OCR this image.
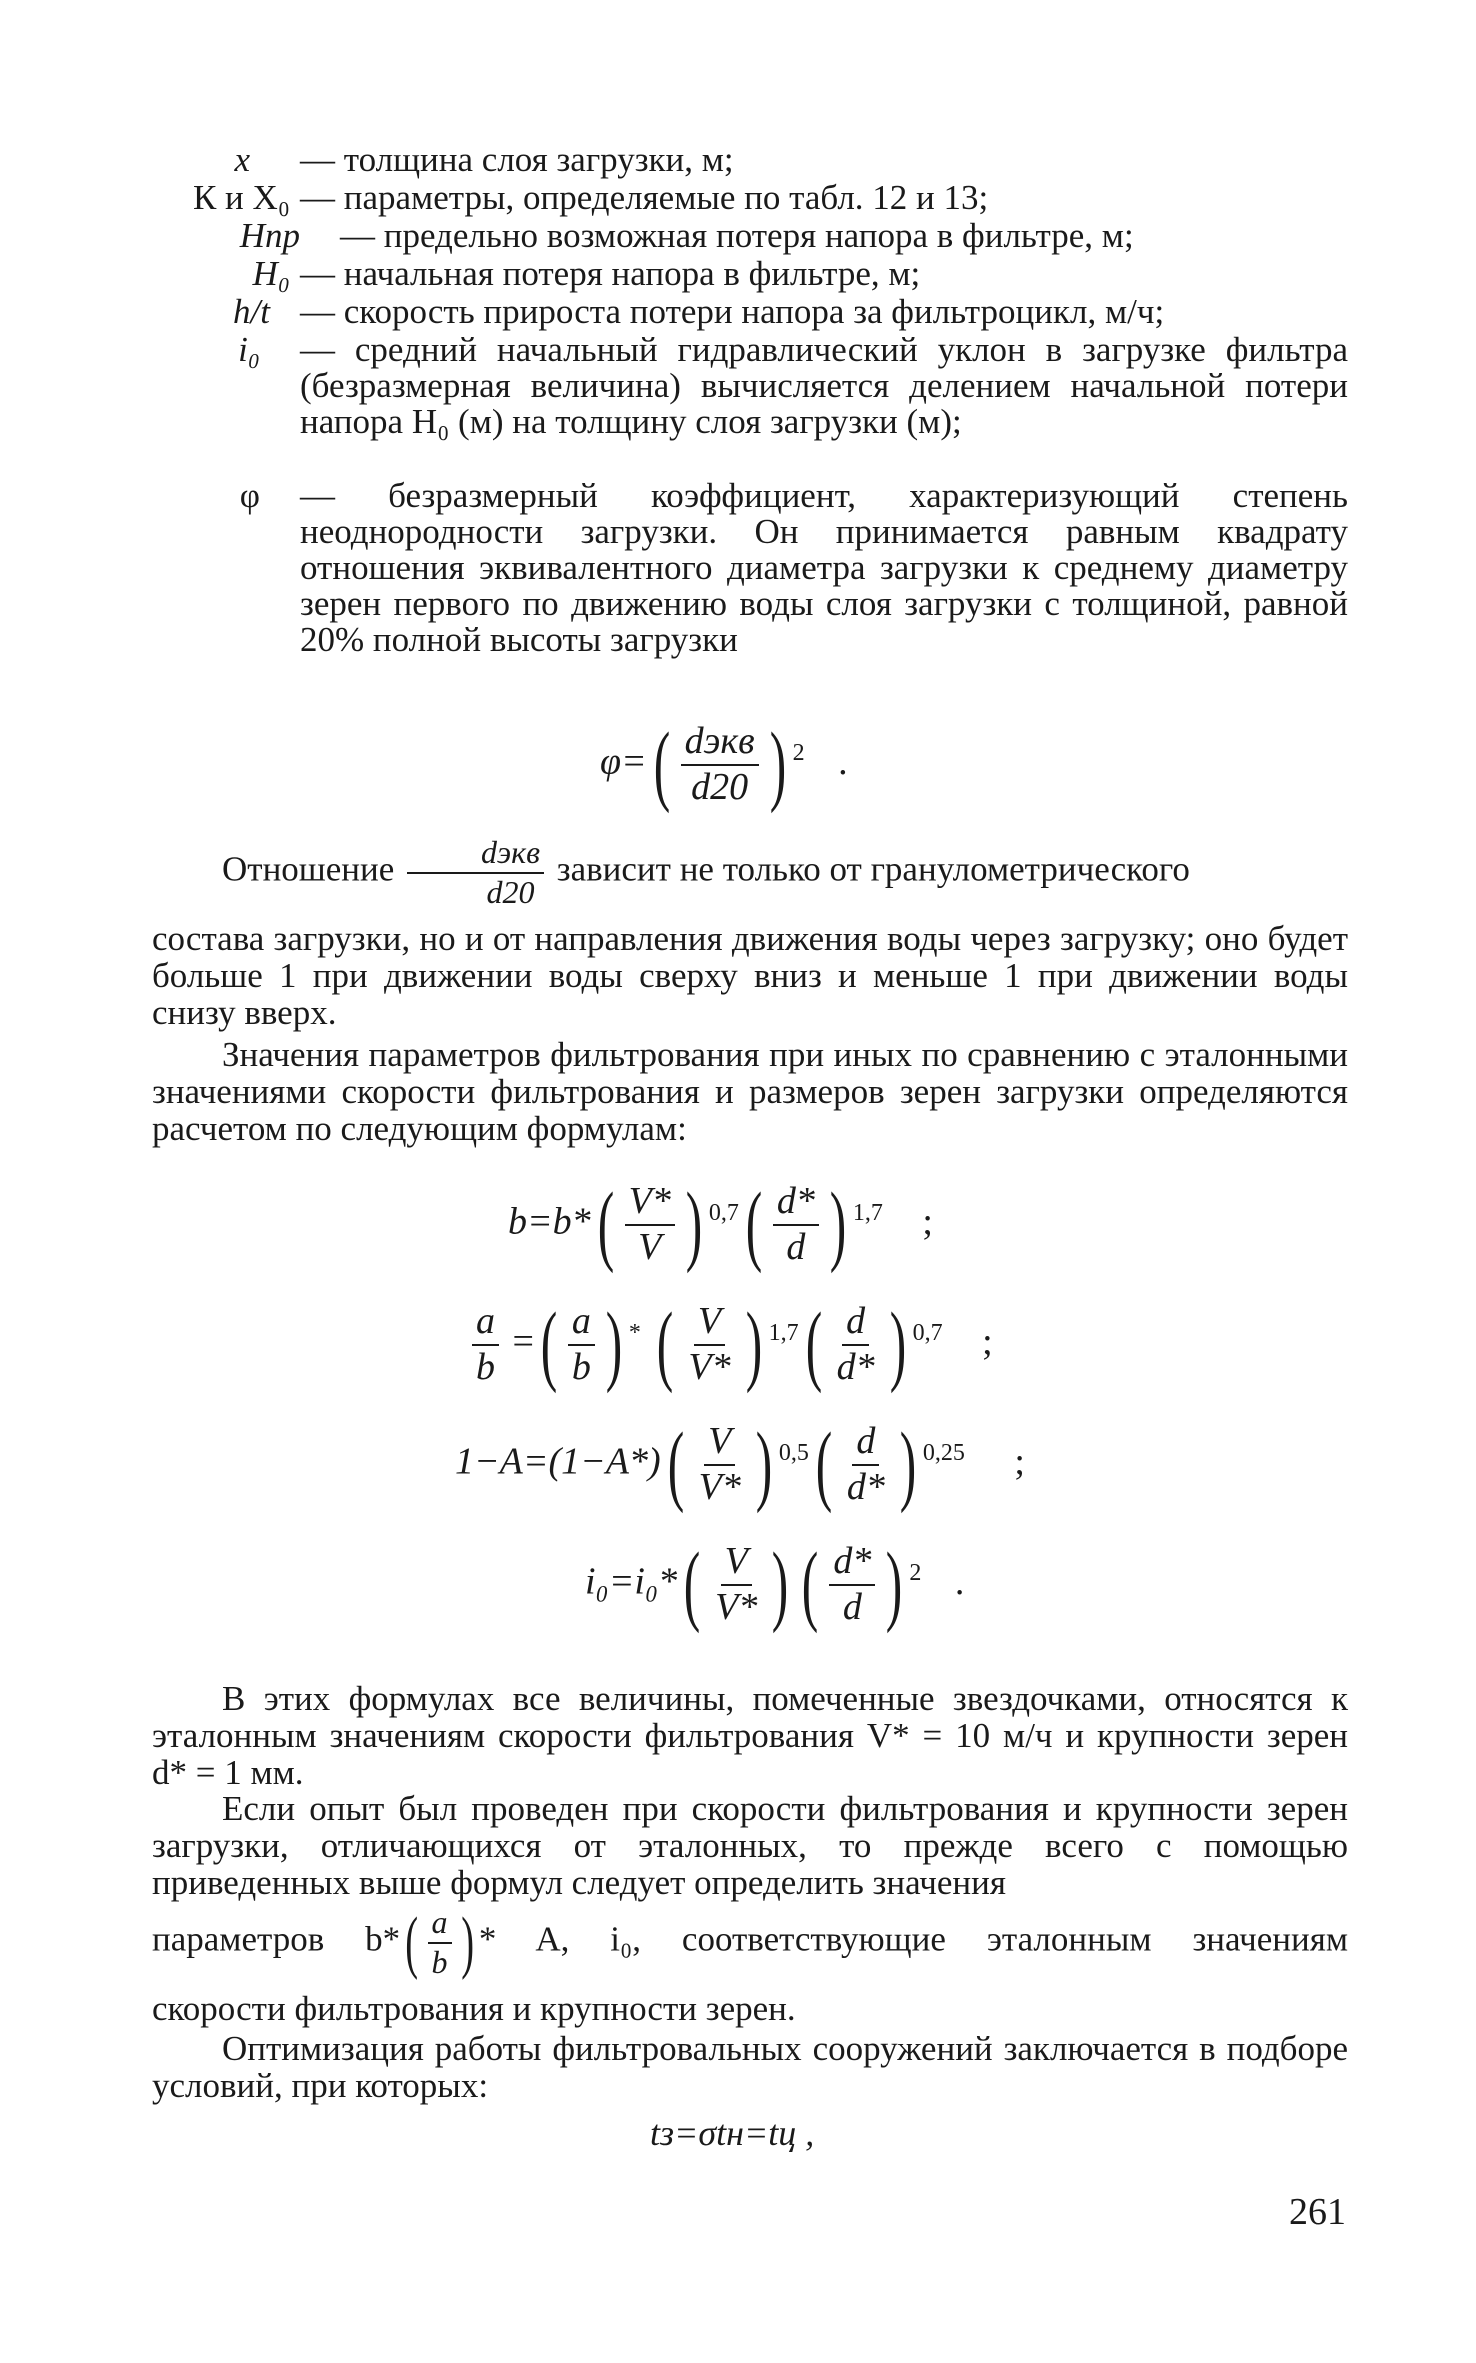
x — толщина слоя загрузки, м;
К и Х₀ — параметры, определяемые по табл. 12 и 13;
Hпр — предельно возможная потеря напора в фильтре, м;
H₀ — начальная потеря напора в фильтре, м;
h/t — скорость прироста потери напора за фильтроцикл, м/ч;
i₀ — средний начальный гидравлический уклон в загрузке фильтра (безразмерная величина) вычисляется делением начальной потери напора H₀ (м) на толщину слоя загрузки (м);
φ — безразмерный коэффициент, характеризующий степень неоднородности загрузки. Он принимается равным квадрату отношения эквивалентного диаметра загрузки к среднему диаметру зерен первого по движению воды слоя загрузки с толщиной, равной 20% полной высоты загрузки
$\varphi=( \frac{\text{dэкв}}{d20}$ ) $^2$ .
Отношение $\frac{\text{dэкв}}{d20}$ зависит не только от гранулометрического
состава загрузки, но и от направления движения воды через загрузку; оно будет больше 1 при движении воды сверху вниз и меньше 1 при движении воды снизу вверх.
Значения параметров фильтрования при иных по сравнению с эталонными значениями скорости фильтрования и размеров зерен загрузки определяются расчетом по следующим формулам:
$b=b*( \frac{V*}{V}$ ) $^{0,7}( \frac{d*}{d}$ ) $^{1,7}$ ;
$\frac{a}{b}$ =( $\frac{a}{b}$ ) * ( $\frac{V}{V*}$ ) $^{1,7}( \frac{d}{d*}$ ) $^{0,7}$ ;
$1-A=(1-A*)( \frac{V}{V*}$ ) $^{0,5}( \frac{d}{d*}$ ) $^{0,25}$ ;
$i_0=i_0*( \frac{V}{V*}$ ) ( $\frac{d*}{d}$ ) $^2$ .
В этих формулах все величины, помеченные звездочками, относятся к эталонным значениям скорости фильтрования V* = 10 м/ч и крупности зерен d* = 1 мм.
Если опыт был проведен при скорости фильтрования и крупности зерен загрузки, отличающихся от эталонных, то прежде всего с помощью приведенных выше формул следует определить значения
параметров $b*( \frac{a}{b}$ ) * A, i₀, соответствующие эталонным значениям
скорости фильтрования и крупности зерен.
Оптимизация работы фильтровальных сооружений заключается в подборе условий, при которых:
tз=σtн=tц ,
261
